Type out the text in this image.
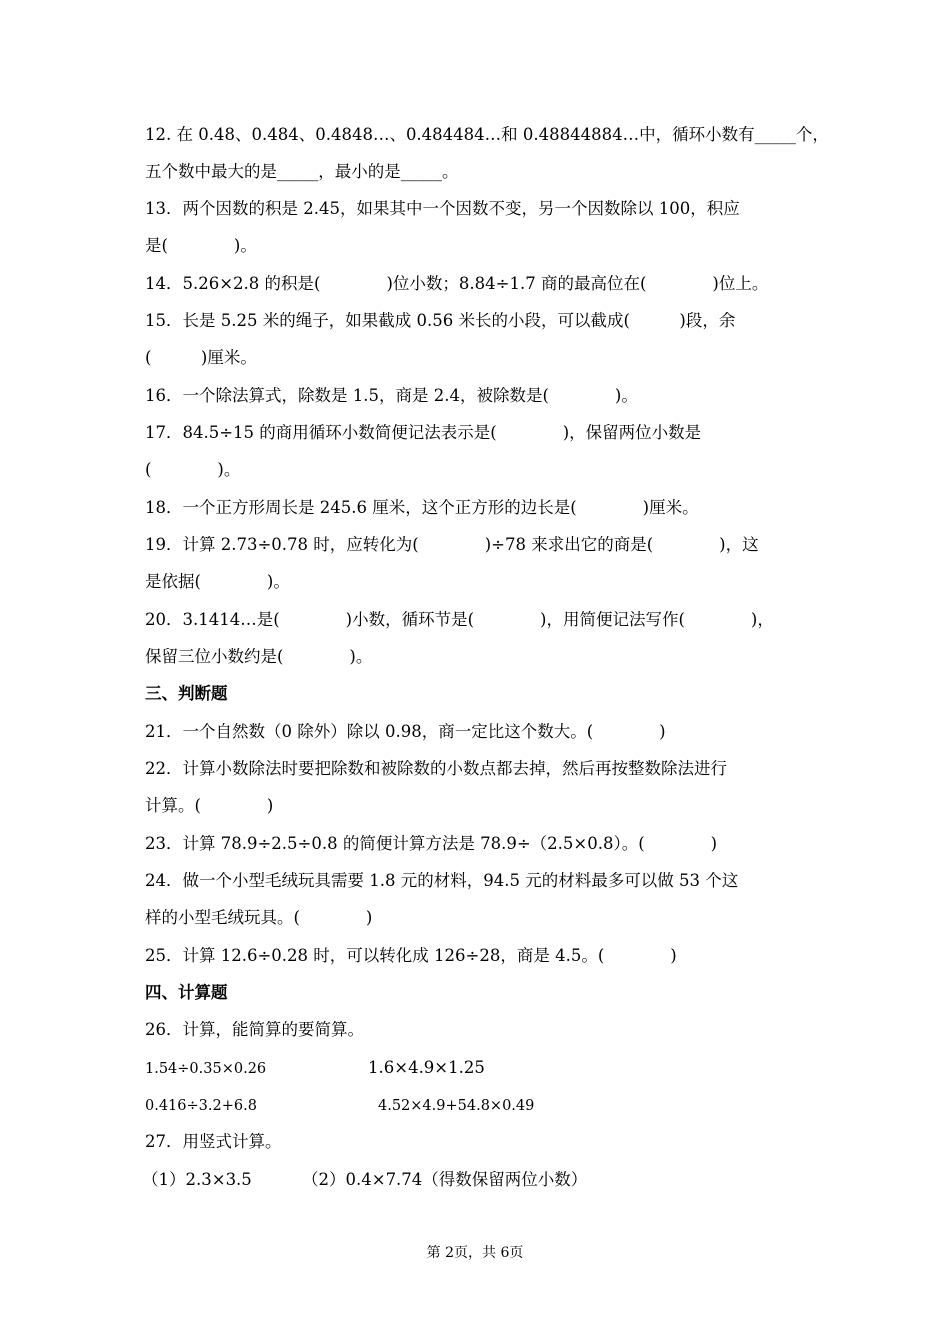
12. 在 0.48、0.484、0.4848…、0.484484…和 0.48844884…中，循环小数有_____个，

五个数中最大的是_____，最小的是_____。

13．两个因数的积是 2.45，如果其中一个因数不变，另一个因数除以 100，积应

是(　　　　)。

14．5.26×2.8 的积是(　　　　)位小数；8.84÷1.7 商的最高位在(　　　　)位上。

15．长是 5.25 米的绳子，如果截成 0.56 米长的小段，可以截成(　　　)段，余

(　　　)厘米。

16．一个除法算式，除数是 1.5，商是 2.4，被除数是(　　　　)。

17．84.5÷15 的商用循环小数简便记法表示是(　　　　)，保留两位小数是

(　　　　)。

18．一个正方形周长是 245.6 厘米，这个正方形的边长是(　　　　)厘米。

19．计算 2.73÷0.78 时，应转化为(　　　　)÷78 来求出它的商是(　　　　)，这

是依据(　　　　)。

20．3.1414…是(　　　　)小数，循环节是(　　　　)，用简便记法写作(　　　　)，

保留三位小数约是(　　　　)。

三、判断题

21．一个自然数（0 除外）除以 0.98，商一定比这个数大。(　　　　)

22．计算小数除法时要把除数和被除数的小数点都去掉，然后再按整数除法进行

计算。(　　　　)

23．计算 78.9÷2.5÷0.8 的简便计算方法是 78.9÷（2.5×0.8）。(　　　　)

24．做一个小型毛绒玩具需要 1.8 元的材料，94.5 元的材料最多可以做 53 个这

样的小型毛绒玩具。(　　　　)

25．计算 12.6÷0.28 时，可以转化成 126÷28，商是 4.5。(　　　　)

四、计算题

26．计算，能简算的要简算。

1.54÷0.35×0.26	1.6×4.9×1.25

0.416÷3.2+6.8	4.52×4.9+54.8×0.49

27．用竖式计算。

（1）2.3×3.5	（2）0.4×7.74（得数保留两位小数）

第 2页，共 6页
